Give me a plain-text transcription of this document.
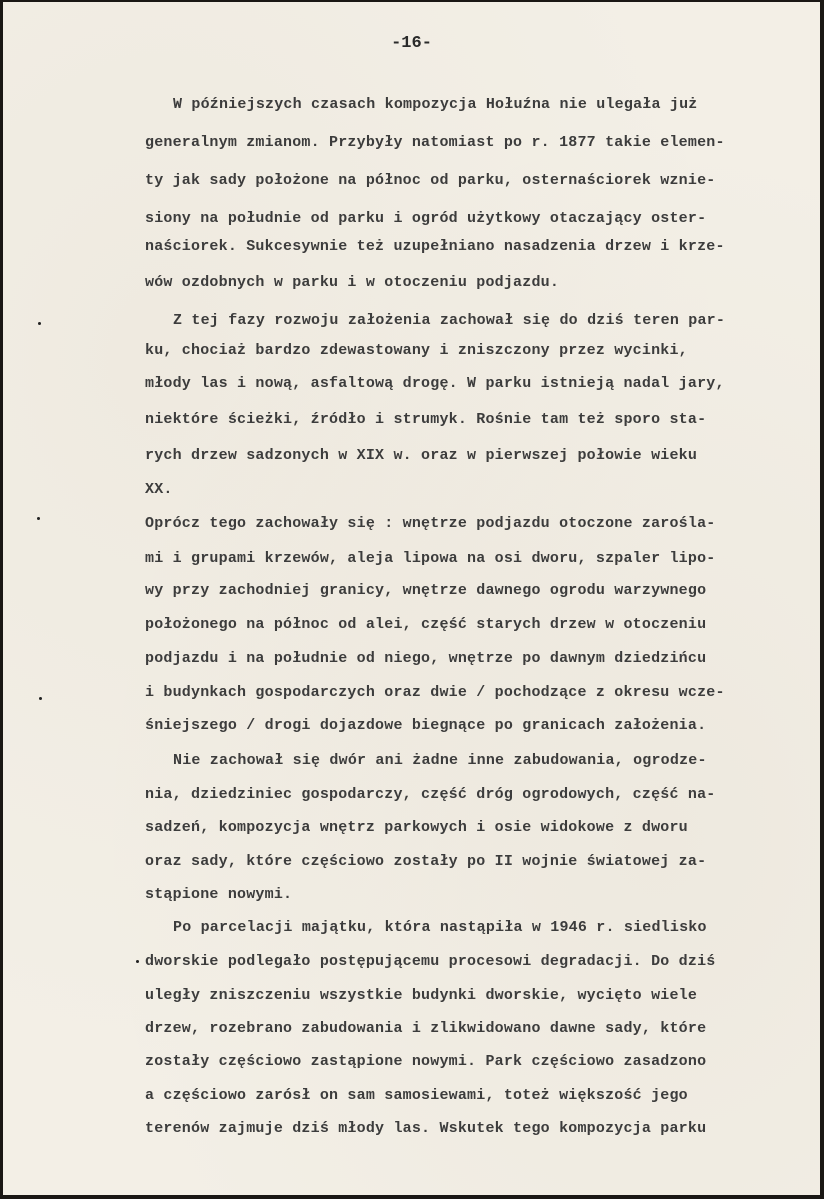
-16-
W późniejszych czasach kompozycja Hołuźna nie ulegała już
generalnym zmianom. Przybyły natomiast po r. 1877 takie elemen-
ty jak sady położone na północ od parku, osternaściorek wznie-
siony na południe od parku i ogród użytkowy otaczający oster-
naściorek. Sukcesywnie też uzupełniano nasadzenia drzew i krze-
wów ozdobnych w parku i w otoczeniu podjazdu.
Z tej fazy rozwoju założenia zachował się do dziś teren par-
ku, chociaż bardzo zdewastowany i zniszczony przez wycinki,
młody las i nową, asfaltową drogę. W parku istnieją nadal jary,
niektóre ścieżki, źródło i strumyk. Rośnie tam też sporo sta-
rych drzew sadzonych w XIX w. oraz w pierwszej połowie wieku
XX.
Oprócz tego zachowały się : wnętrze podjazdu otoczone zarośla-
mi i grupami krzewów, aleja lipowa na osi dworu, szpaler lipo-
wy przy zachodniej granicy, wnętrze dawnego ogrodu warzywnego
położonego na północ od alei, część starych drzew w otoczeniu
podjazdu i na południe od niego, wnętrze po dawnym dziedzińcu
i budynkach gospodarczych oraz dwie / pochodzące z okresu wcze-
śniejszego / drogi dojazdowe biegnące po granicach założenia.
Nie zachował się dwór ani żadne inne zabudowania, ogrodze-
nia, dziedziniec gospodarczy, część dróg ogrodowych, część na-
sadzeń, kompozycja wnętrz parkowych i osie widokowe z dworu
oraz sady, które częściowo zostały po II wojnie światowej za-
stąpione nowymi.
Po parcelacji majątku, która nastąpiła w 1946 r. siedlisko
dworskie podlegało postępującemu procesowi degradacji. Do dziś
uległy zniszczeniu wszystkie budynki dworskie, wycięto wiele
drzew, rozebrano zabudowania i zlikwidowano dawne sady, które
zostały częściowo zastąpione nowymi. Park częściowo zasadzono
a częściowo zarósł on sam samosiewami, toteż większość jego
terenów zajmuje dziś młody las. Wskutek tego kompozycja parku
